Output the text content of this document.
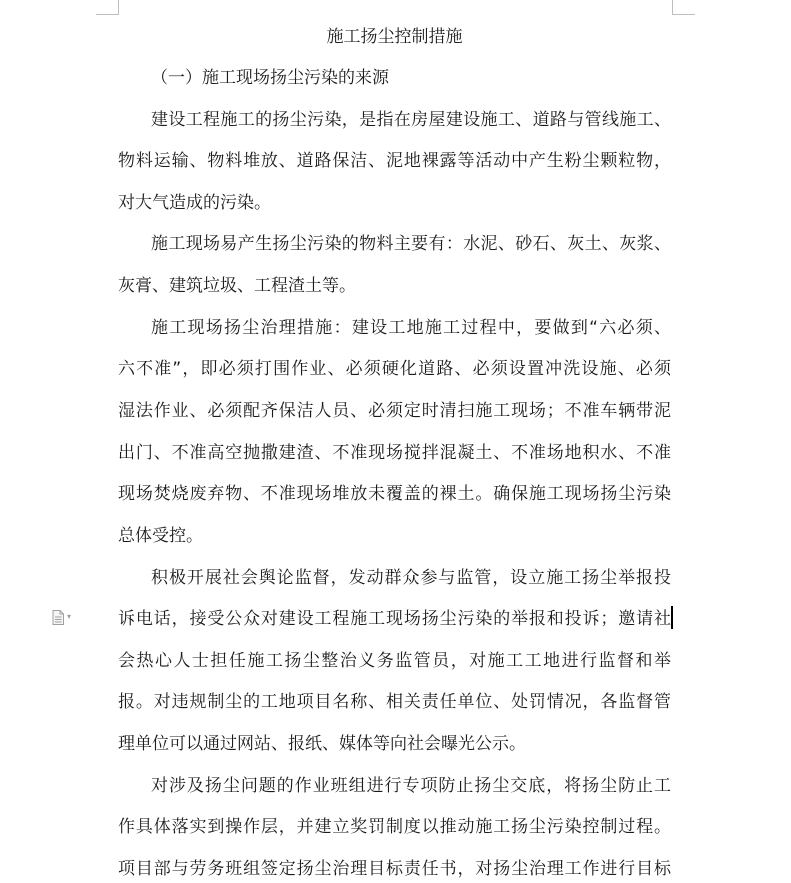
施工扬尘控制措施
（一）施工现场扬尘污染的来源
建设工程施工的扬尘污染，是指在房屋建设施工、道路与管线施工、
物料运输、物料堆放、道路保洁、泥地裸露等活动中产生粉尘颗粒物，
对大气造成的污染。
施工现场易产生扬尘污染的物料主要有：水泥、砂石、灰土、灰浆、
灰膏、建筑垃圾、工程渣土等。
施工现场扬尘治理措施：建设工地施工过程中，要做到“六必须、
六不准”，即必须打围作业、必须硬化道路、必须设置冲洗设施、必须
湿法作业、必须配齐保洁人员、必须定时清扫施工现场；不准车辆带泥
出门、不准高空抛撒建渣、不准现场搅拌混凝土、不准场地积水、不准
现场焚烧废弃物、不准现场堆放未覆盖的裸土。确保施工现场扬尘污染
总体受控。
积极开展社会舆论监督，发动群众参与监管，设立施工扬尘举报投
诉电话，接受公众对建设工程施工现场扬尘污染的举报和投诉；邀请社
会热心人士担任施工扬尘整治义务监管员，对施工工地进行监督和举
报。对违规制尘的工地项目名称、相关责任单位、处罚情况，各监督管
理单位可以通过网站、报纸、媒体等向社会曝光公示。
对涉及扬尘问题的作业班组进行专项防止扬尘交底，将扬尘防止工
作具体落实到操作层，并建立奖罚制度以推动施工扬尘污染控制过程。
项目部与劳务班组签定扬尘治理目标责任书，对扬尘治理工作进行目标
▾
